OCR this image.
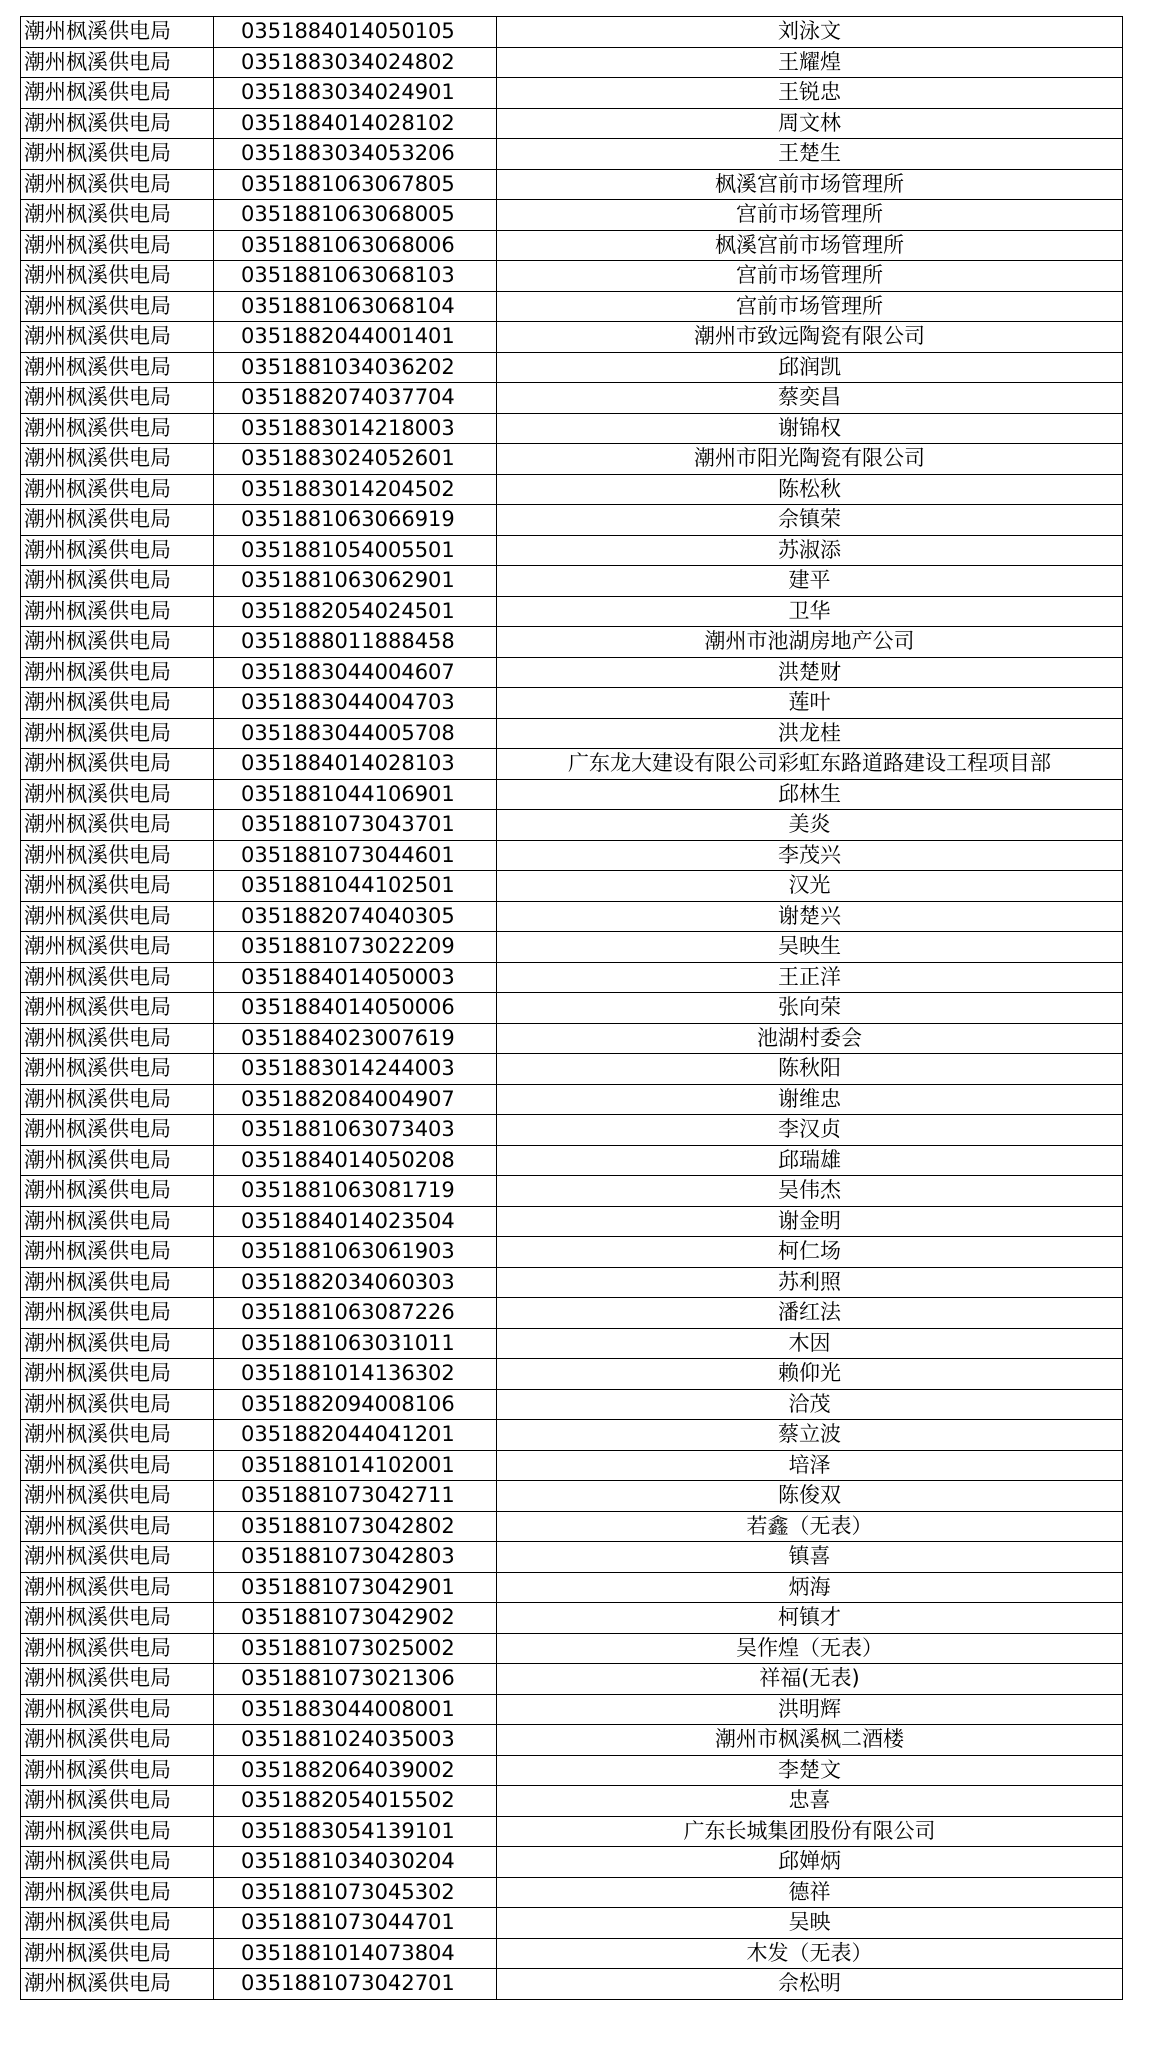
潮州枫溪供电局	0351884014050105	刘泳文
潮州枫溪供电局	0351883034024802	王耀煌
潮州枫溪供电局	0351883034024901	王锐忠
潮州枫溪供电局	0351884014028102	周文林
潮州枫溪供电局	0351883034053206	王楚生
潮州枫溪供电局	0351881063067805	枫溪宫前市场管理所
潮州枫溪供电局	0351881063068005	宫前市场管理所
潮州枫溪供电局	0351881063068006	枫溪宫前市场管理所
潮州枫溪供电局	0351881063068103	宫前市场管理所
潮州枫溪供电局	0351881063068104	宫前市场管理所
潮州枫溪供电局	0351882044001401	潮州市致远陶瓷有限公司
潮州枫溪供电局	0351881034036202	邱润凯
潮州枫溪供电局	0351882074037704	蔡奕昌
潮州枫溪供电局	0351883014218003	谢锦权
潮州枫溪供电局	0351883024052601	潮州市阳光陶瓷有限公司
潮州枫溪供电局	0351883014204502	陈松秋
潮州枫溪供电局	0351881063066919	佘镇荣
潮州枫溪供电局	0351881054005501	苏淑添
潮州枫溪供电局	0351881063062901	建平
潮州枫溪供电局	0351882054024501	卫华
潮州枫溪供电局	0351888011888458	潮州市池湖房地产公司
潮州枫溪供电局	0351883044004607	洪楚财
潮州枫溪供电局	0351883044004703	莲叶
潮州枫溪供电局	0351883044005708	洪龙桂
潮州枫溪供电局	0351884014028103	广东龙大建设有限公司彩虹东路道路建设工程项目部
潮州枫溪供电局	0351881044106901	邱林生
潮州枫溪供电局	0351881073043701	美炎
潮州枫溪供电局	0351881073044601	李茂兴
潮州枫溪供电局	0351881044102501	汉光
潮州枫溪供电局	0351882074040305	谢楚兴
潮州枫溪供电局	0351881073022209	吴映生
潮州枫溪供电局	0351884014050003	王正洋
潮州枫溪供电局	0351884014050006	张向荣
潮州枫溪供电局	0351884023007619	池湖村委会
潮州枫溪供电局	0351883014244003	陈秋阳
潮州枫溪供电局	0351882084004907	谢维忠
潮州枫溪供电局	0351881063073403	李汉贞
潮州枫溪供电局	0351884014050208	邱瑞雄
潮州枫溪供电局	0351881063081719	吴伟杰
潮州枫溪供电局	0351884014023504	谢金明
潮州枫溪供电局	0351881063061903	柯仁场
潮州枫溪供电局	0351882034060303	苏利照
潮州枫溪供电局	0351881063087226	潘红法
潮州枫溪供电局	0351881063031011	木因
潮州枫溪供电局	0351881014136302	赖仰光
潮州枫溪供电局	0351882094008106	洽茂
潮州枫溪供电局	0351882044041201	蔡立波
潮州枫溪供电局	0351881014102001	培泽
潮州枫溪供电局	0351881073042711	陈俊双
潮州枫溪供电局	0351881073042802	若鑫（无表）
潮州枫溪供电局	0351881073042803	镇喜
潮州枫溪供电局	0351881073042901	炳海
潮州枫溪供电局	0351881073042902	柯镇才
潮州枫溪供电局	0351881073025002	吴作煌（无表）
潮州枫溪供电局	0351881073021306	祥福(无表)
潮州枫溪供电局	0351883044008001	洪明辉
潮州枫溪供电局	0351881024035003	潮州市枫溪枫二酒楼
潮州枫溪供电局	0351882064039002	李楚文
潮州枫溪供电局	0351882054015502	忠喜
潮州枫溪供电局	0351883054139101	广东长城集团股份有限公司
潮州枫溪供电局	0351881034030204	邱婵炳
潮州枫溪供电局	0351881073045302	德祥
潮州枫溪供电局	0351881073044701	吴映
潮州枫溪供电局	0351881014073804	木发（无表）
潮州枫溪供电局	0351881073042701	佘松明
